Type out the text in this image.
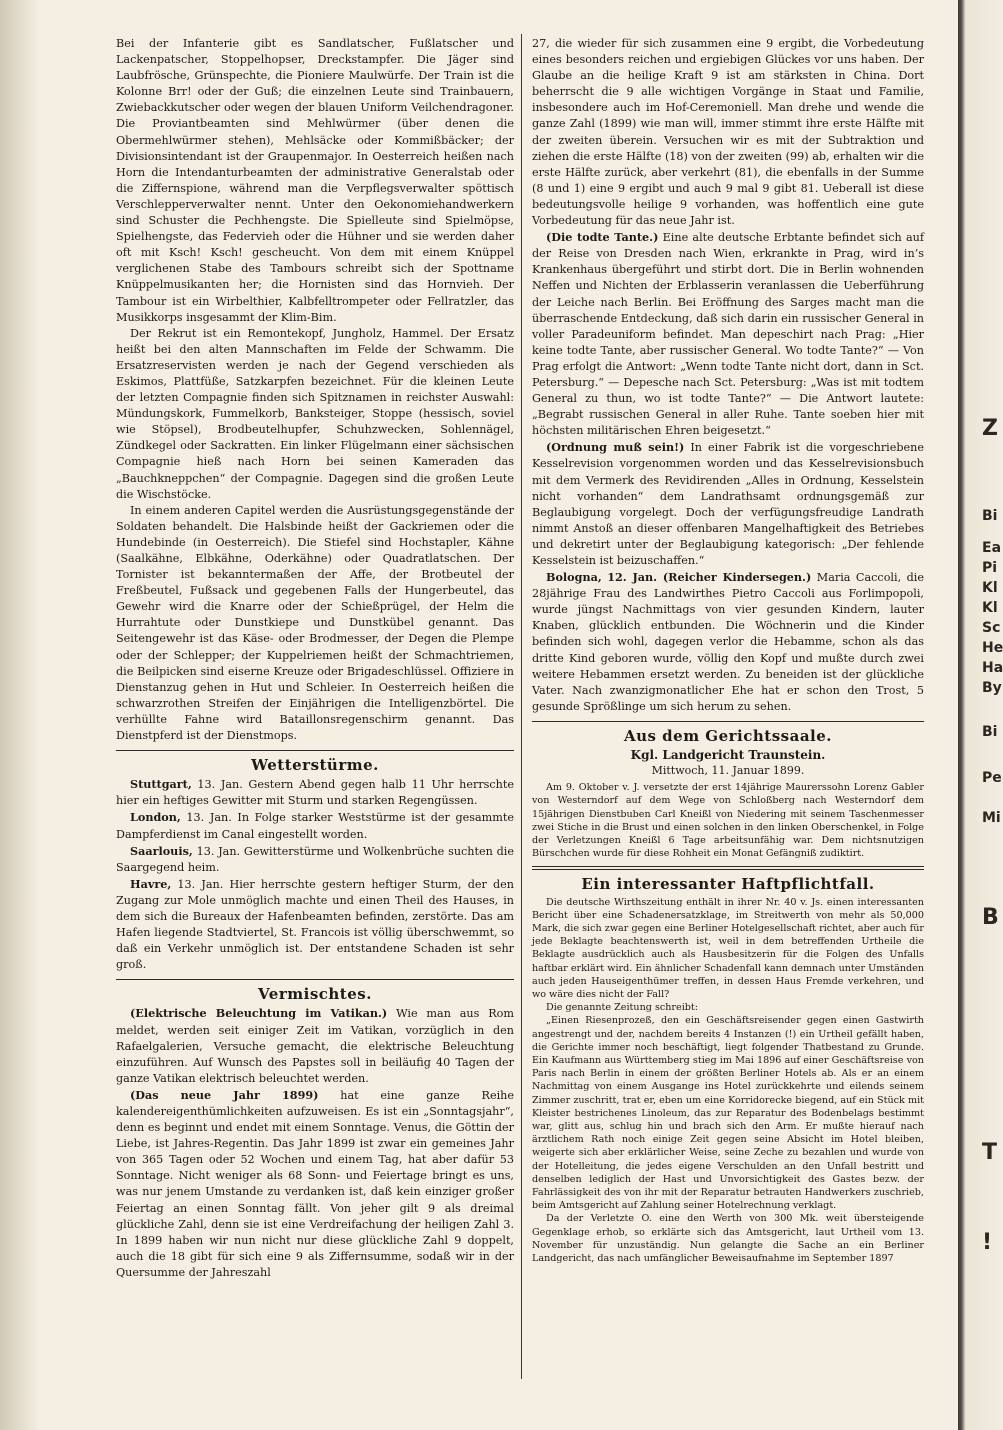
Bei der Infanterie gibt es Sandlatscher, Fußlatscher und Lackenpatscher, Stoppelhopser, Dreckstampfer. Die Jäger sind Laubfrösche, Grünspechte, die Pioniere Maulwürfe. Der Train ist die Kolonne Brr! oder der Guß; die einzelnen Leute sind Trainbauern, Zwiebackkutscher oder wegen der blauen Uniform Veilchendragoner. Die Proviantbeamten sind Mehlwürmer (über denen die Obermehlwürmer stehen), Mehlsäcke oder Kommißbäcker; der Divisionsintendant ist der Graupenmajor. In Oesterreich heißen nach Horn die Intendanturbeamten der administrative Generalstab oder die Ziffernspione, während man die Verpflegsverwalter spöttisch Verschlepperverwalter nennt. Unter den Oekonomiehandwerkern sind Schuster die Pechhengste. Die Spielleute sind Spielmöpse, Spielhengste, das Federvieh oder die Hühner und sie werden daher oft mit Ksch! Ksch! gescheucht. Von dem mit einem Knüppel verglichenen Stabe des Tambours schreibt sich der Spottname Knüppelmusikanten her; die Hornisten sind das Hornvieh. Der Tambour ist ein Wirbelthier, Kalbfelltrompeter oder Fellratzler, das Musikkorps insgesammt der Klim-Bim.

Der Rekrut ist ein Remontekopf, Jungholz, Hammel. Der Ersatz heißt bei den alten Mannschaften im Felde der Schwamm. Die Ersatzreservisten werden je nach der Gegend verschieden als Eskimos, Plattfüße, Satzkarpfen bezeichnet. Für die kleinen Leute der letzten Compagnie finden sich Spitznamen in reichster Auswahl: Mündungskork, Fummelkorb, Banksteiger, Stoppe (hessisch, soviel wie Stöpsel), Brodbeutelhupfer, Schuhzwecken, Sohlennägel, Zündkegel oder Sackratten. Ein linker Flügelmann einer sächsischen Compagnie hieß nach Horn bei seinen Kameraden das „Bauchkneppchen“ der Compagnie. Dagegen sind die großen Leute die Wischstöcke.

In einem anderen Capitel werden die Ausrüstungsgegenstände der Soldaten behandelt. Die Halsbinde heißt der Gackriemen oder die Hundebinde (in Oesterreich). Die Stiefel sind Hochstapler, Kähne (Saalkähne, Elbkähne, Oderkähne) oder Quadratlatschen. Der Tornister ist bekanntermaßen der Affe, der Brotbeutel der Freßbeutel, Fußsack und gegebenen Falls der Hungerbeutel, das Gewehr wird die Knarre oder der Schießprügel, der Helm die Hurrahtute oder Dunstkiepe und Dunstkübel genannt. Das Seitengewehr ist das Käse- oder Brodmesser, der Degen die Plempe oder der Schlepper; der Kuppelriemen heißt der Schmachtriemen, die Beilpicken sind eiserne Kreuze oder Brigadeschlüssel. Offiziere in Dienstanzug gehen in Hut und Schleier. In Oesterreich heißen die schwarzrothen Streifen der Einjährigen die Intelligenzbörtel. Die verhüllte Fahne wird Bataillonsregenschirm genannt. Das Dienstpferd ist der Dienstmops.

Wetterstürme.

Stuttgart, 13. Jan. Gestern Abend gegen halb 11 Uhr herrschte hier ein heftiges Gewitter mit Sturm und starken Regengüssen.

London, 13. Jan. In Folge starker Weststürme ist der gesammte Dampferdienst im Canal eingestellt worden.

Saarlouis, 13. Jan. Gewitterstürme und Wolkenbrüche suchten die Saargegend heim.

Havre, 13. Jan. Hier herrschte gestern heftiger Sturm, der den Zugang zur Mole unmöglich machte und einen Theil des Hauses, in dem sich die Bureaux der Hafenbeamten befinden, zerstörte. Das am Hafen liegende Stadtviertel, St. Francois ist völlig überschwemmt, so daß ein Verkehr unmöglich ist. Der entstandene Schaden ist sehr groß.

Vermischtes.

(Elektrische Beleuchtung im Vatikan.) Wie man aus Rom meldet, werden seit einiger Zeit im Vatikan, vorzüglich in den Rafaelgalerien, Versuche gemacht, die elektrische Beleuchtung einzuführen. Auf Wunsch des Papstes soll in beiläufig 40 Tagen der ganze Vatikan elektrisch beleuchtet werden.

(Das neue Jahr 1899) hat eine ganze Reihe kalendereigenthümlichkeiten aufzuweisen. Es ist ein „Sonntagsjahr“, denn es beginnt und endet mit einem Sonntage. Venus, die Göttin der Liebe, ist Jahres-Regentin. Das Jahr 1899 ist zwar ein gemeines Jahr von 365 Tagen oder 52 Wochen und einem Tag, hat aber dafür 53 Sonntage. Nicht weniger als 68 Sonn- und Feiertage bringt es uns, was nur jenem Umstande zu verdanken ist, daß kein einziger großer Feiertag an einen Sonntag fällt. Von jeher gilt 9 als dreimal glückliche Zahl, denn sie ist eine Verdreifachung der heiligen Zahl 3. In 1899 haben wir nun nicht nur diese glückliche Zahl 9 doppelt, auch die 18 gibt für sich eine 9 als Ziffernsumme, sodaß wir in der Quersumme der Jahreszahl

27, die wieder für sich zusammen eine 9 ergibt, die Vorbedeutung eines besonders reichen und ergiebigen Glückes vor uns haben. Der Glaube an die heilige Kraft 9 ist am stärksten in China. Dort beherrscht die 9 alle wichtigen Vorgänge in Staat und Familie, insbesondere auch im Hof-Ceremoniell. Man drehe und wende die ganze Zahl (1899) wie man will, immer stimmt ihre erste Hälfte mit der zweiten überein. Versuchen wir es mit der Subtraktion und ziehen die erste Hälfte (18) von der zweiten (99) ab, erhalten wir die erste Hälfte zurück, aber verkehrt (81), die ebenfalls in der Summe (8 und 1) eine 9 ergibt und auch 9 mal 9 gibt 81. Ueberall ist diese bedeutungsvolle heilige 9 vorhanden, was hoffentlich eine gute Vorbedeutung für das neue Jahr ist.

(Die todte Tante.) Eine alte deutsche Erbtante befindet sich auf der Reise von Dresden nach Wien, erkrankte in Prag, wird in’s Krankenhaus übergeführt und stirbt dort. Die in Berlin wohnenden Neffen und Nichten der Erblasserin veranlassen die Ueberführung der Leiche nach Berlin. Bei Eröffnung des Sarges macht man die überraschende Entdeckung, daß sich darin ein russischer General in voller Paradeuniform befindet. Man depeschirt nach Prag: „Hier keine todte Tante, aber russischer General. Wo todte Tante?“ — Von Prag erfolgt die Antwort: „Wenn todte Tante nicht dort, dann in Sct. Petersburg.“ — Depesche nach Sct. Petersburg: „Was ist mit todtem General zu thun, wo ist todte Tante?“ — Die Antwort lautete: „Begrabt russischen General in aller Ruhe. Tante soeben hier mit höchsten militärischen Ehren beigesetzt.“

(Ordnung muß sein!) In einer Fabrik ist die vorgeschriebene Kesselrevision vorgenommen worden und das Kesselrevisionsbuch mit dem Vermerk des Revidirenden „Alles in Ordnung, Kesselstein nicht vorhanden“ dem Landrathsamt ordnungsgemäß zur Beglaubigung vorgelegt. Doch der verfügungsfreudige Landrath nimmt Anstoß an dieser offenbaren Mangelhaftigkeit des Betriebes und dekretirt unter der Beglaubigung kategorisch: „Der fehlende Kesselstein ist beizuschaffen.“

Bologna, 12. Jan. (Reicher Kindersegen.) Maria Caccoli, die 28jährige Frau des Landwirthes Pietro Caccoli aus Forlimpopoli, wurde jüngst Nachmittags von vier gesunden Kindern, lauter Knaben, glücklich entbunden. Die Wöchnerin und die Kinder befinden sich wohl, dagegen verlor die Hebamme, schon als das dritte Kind geboren wurde, völlig den Kopf und mußte durch zwei weitere Hebammen ersetzt werden. Zu beneiden ist der glückliche Vater. Nach zwanzigmonatlicher Ehe hat er schon den Trost, 5 gesunde Sprößlinge um sich herum zu sehen.

Aus dem Gerichtssaale.
Kgl. Landgericht Traunstein.
Mittwoch, 11. Januar 1899.

Am 9. Oktober v. J. versetzte der erst 14jährige Maurerssohn Lorenz Gabler von Westerndorf auf dem Wege von Schloßberg nach Westerndorf dem 15jährigen Dienstbuben Carl Kneißl von Niedering mit seinem Taschenmesser zwei Stiche in die Brust und einen solchen in den linken Oberschenkel, in Folge der Verletzungen Kneißl 6 Tage arbeitsunfähig war. Dem nichtsnutzigen Bürschchen wurde für diese Rohheit ein Monat Gefängniß zudiktirt.

Ein interessanter Haftpflichtfall.

Die deutsche Wirthszeitung enthält in ihrer Nr. 40 v. Js. einen interessanten Bericht über eine Schadenersatzklage, im Streitwerth von mehr als 50,000 Mark, die sich zwar gegen eine Berliner Hotelgesellschaft richtet, aber auch für jede Beklagte beachtenswerth ist, weil in dem betreffenden Urtheile die Beklagte ausdrücklich auch als Hausbesitzerin für die Folgen des Unfalls haftbar erklärt wird. Ein ähnlicher Schadenfall kann demnach unter Umständen auch jeden Hauseigenthümer treffen, in dessen Haus Fremde verkehren, und wo wäre dies nicht der Fall?

Die genannte Zeitung schreibt:

„Einen Riesenprozeß, den ein Geschäftsreisender gegen einen Gastwirth angestrengt und der, nachdem bereits 4 Instanzen (!) ein Urtheil gefällt haben, die Gerichte immer noch beschäftigt, liegt folgender Thatbestand zu Grunde. Ein Kaufmann aus Württemberg stieg im Mai 1896 auf einer Geschäftsreise von Paris nach Berlin in einem der größten Berliner Hotels ab. Als er an einem Nachmittag von einem Ausgange ins Hotel zurückkehrte und eilends seinem Zimmer zuschritt, trat er, eben um eine Korridorecke biegend, auf ein Stück mit Kleister bestrichenes Linoleum, das zur Reparatur des Bodenbelags bestimmt war, glitt aus, schlug hin und brach sich den Arm. Er mußte hierauf nach ärztlichem Rath noch einige Zeit gegen seine Absicht im Hotel bleiben, weigerte sich aber erklärlicher Weise, seine Zeche zu bezahlen und wurde von der Hotelleitung, die jedes eigene Verschulden an den Unfall bestritt und denselben lediglich der Hast und Unvorsichtigkeit des Gastes bezw. der Fahrlässigkeit des von ihr mit der Reparatur betrauten Handwerkers zuschrieb, beim Amtsgericht auf Zahlung seiner Hotelrechnung verklagt.

Da der Verletzte O. eine den Werth von 300 Mk. weit übersteigende Gegenklage erhob, so erklärte sich das Amtsgericht, laut Urtheil vom 13. November für unzuständig. Nun gelangte die Sache an ein Berliner Landgericht, das nach umfänglicher Beweisaufnahme im September 1897

Z
Bi
Ea
Pi
Kl
Kl
Sc
He
Ha
By
Bi
Pe
Mi
B
T
!
